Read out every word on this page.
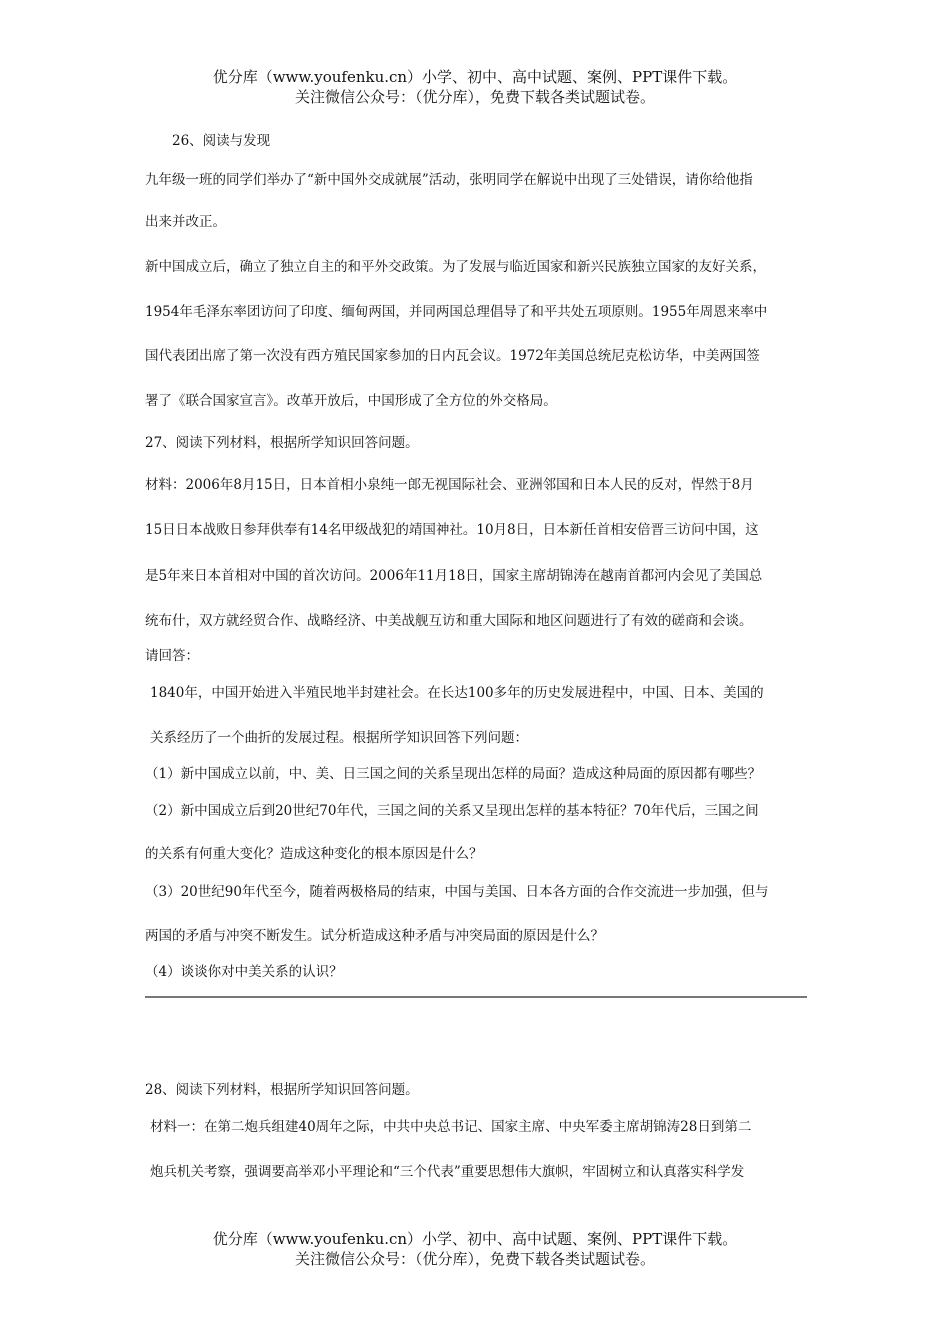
优分库（www.youfenku.cn）小学、初中、高中试题、案例、PPT课件下载。
关注微信公众号：（优分库），免费下载各类试题试卷。
26、阅读与发现
九年级一班的同学们举办了“新中国外交成就展”活动，张明同学在解说中出现了三处错误，请你给他指
出来并改正。
新中国成立后，确立了独立自主的和平外交政策。为了发展与临近国家和新兴民族独立国家的友好关系，
1954年毛泽东率团访问了印度、缅甸两国，并同两国总理倡导了和平共处五项原则。1955年周恩来率中
国代表团出席了第一次没有西方殖民国家参加的日内瓦会议。1972年美国总统尼克松访华，中美两国签
署了《联合国家宣言》。改革开放后，中国形成了全方位的外交格局。
27、阅读下列材料，根据所学知识回答问题。
材料：2006年8月15日，日本首相小泉纯一郎无视国际社会、亚洲邻国和日本人民的反对，悍然于8月
15日日本战败日参拜供奉有14名甲级战犯的靖国神社。10月8日，日本新任首相安倍晋三访问中国，这
是5年来日本首相对中国的首次访问。2006年11月18日，国家主席胡锦涛在越南首都河内会见了美国总
统布什，双方就经贸合作、战略经济、中美战舰互访和重大国际和地区问题进行了有效的磋商和会谈。
请回答：
1840年，中国开始进入半殖民地半封建社会。在长达100多年的历史发展进程中，中国、日本、美国的
关系经历了一个曲折的发展过程。根据所学知识回答下列问题：
（1）新中国成立以前，中、美、日三国之间的关系呈现出怎样的局面？造成这种局面的原因都有哪些？
（2）新中国成立后到20世纪70年代，三国之间的关系又呈现出怎样的基本特征？70年代后，三国之间
的关系有何重大变化？造成这种变化的根本原因是什么？
（3）20世纪90年代至今，随着两极格局的结束，中国与美国、日本各方面的合作交流进一步加强，但与
两国的矛盾与冲突不断发生。试分析造成这种矛盾与冲突局面的原因是什么？
（4）谈谈你对中美关系的认识？
28、阅读下列材料，根据所学知识回答问题。
材料一：在第二炮兵组建40周年之际，中共中央总书记、国家主席、中央军委主席胡锦涛28日到第二
炮兵机关考察，强调要高举邓小平理论和“三个代表”重要思想伟大旗帜，牢固树立和认真落实科学发
优分库（www.youfenku.cn）小学、初中、高中试题、案例、PPT课件下载。
关注微信公众号：（优分库），免费下载各类试题试卷。
